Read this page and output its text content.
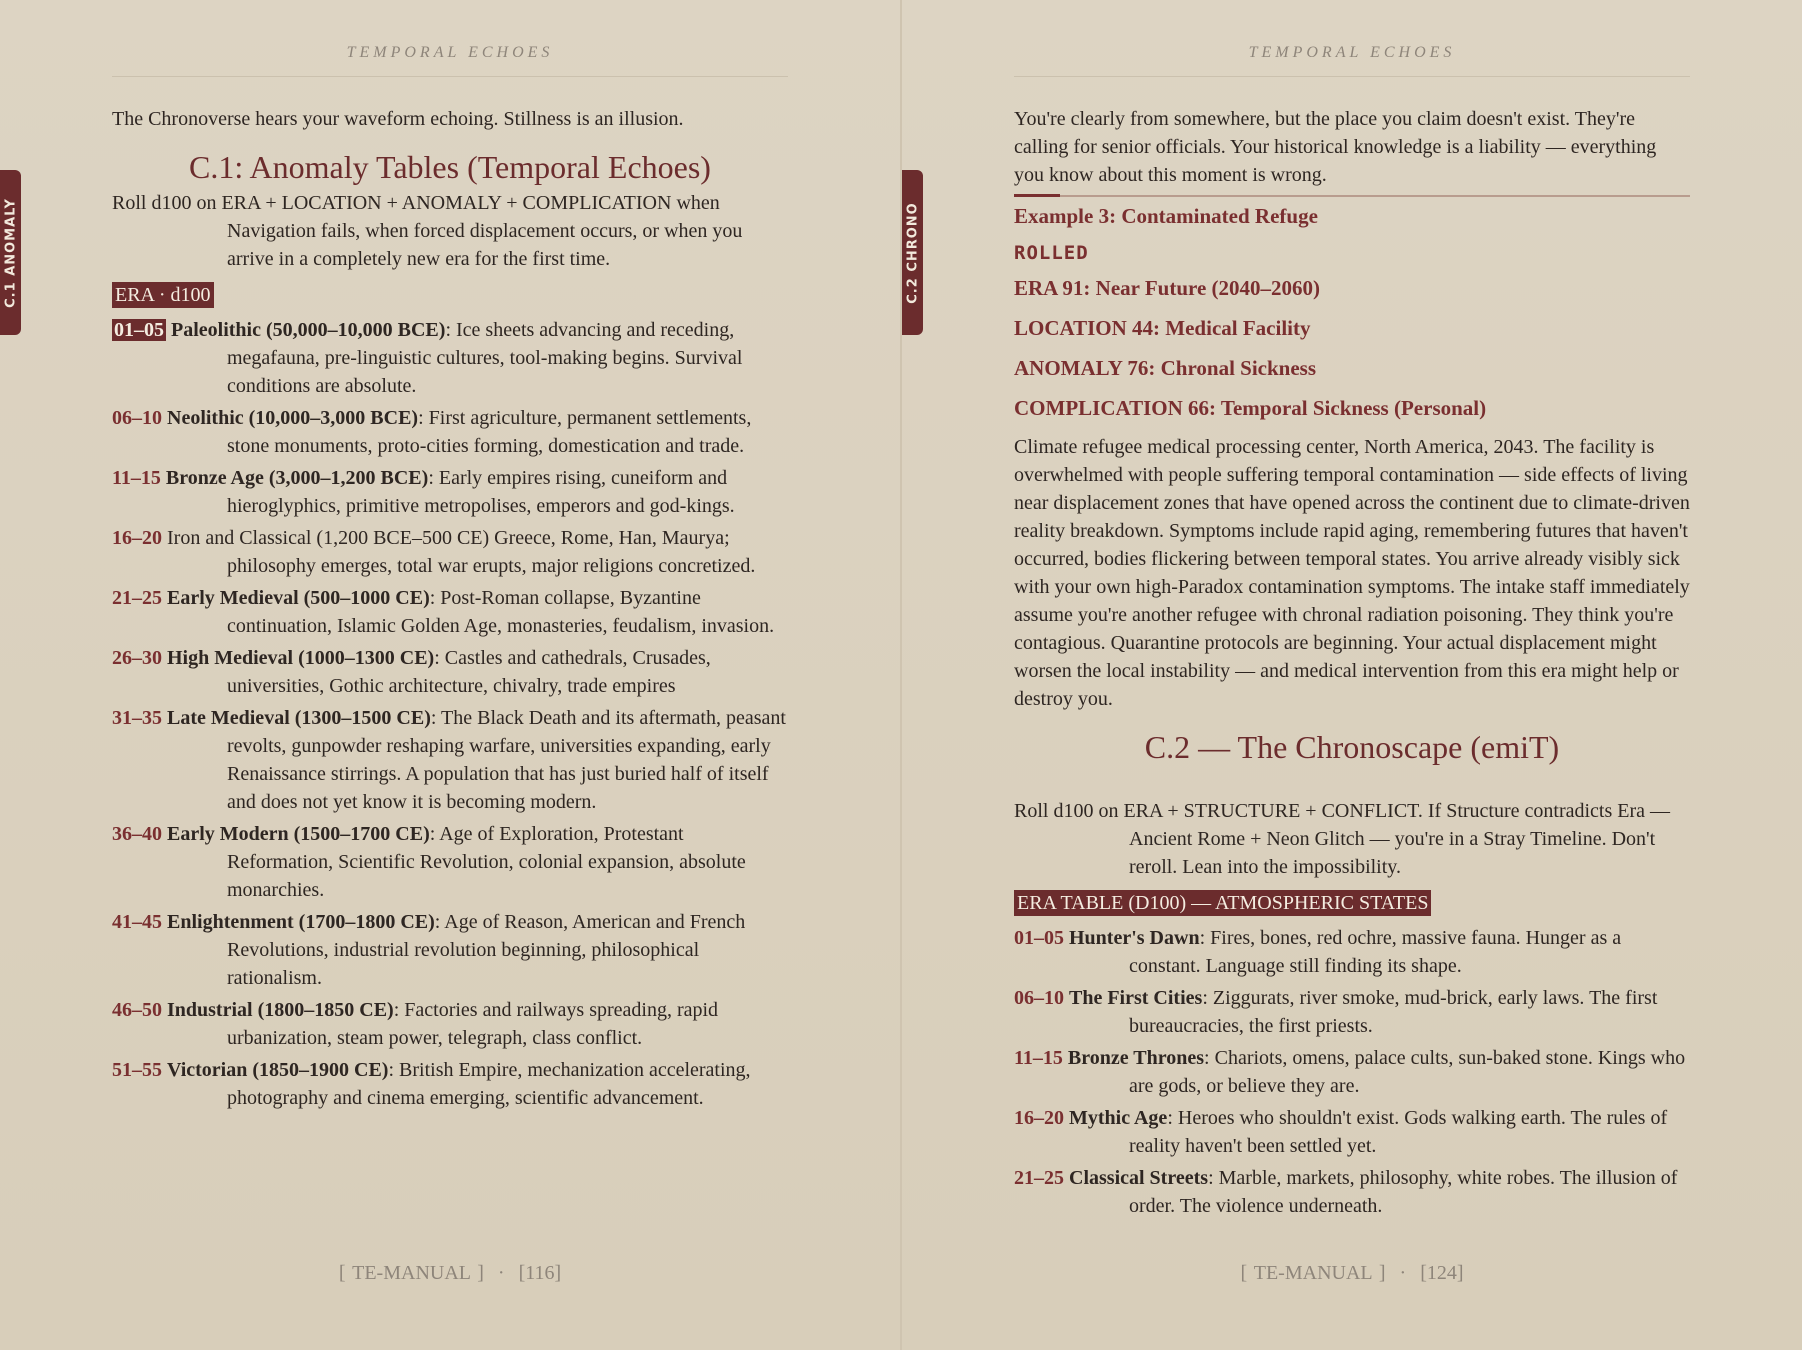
TEMPORAL ECHOES
C.1 ANOMALY

The Chronoverse hears your waveform echoing. Stillness is an illusion.

C.1: Anomaly Tables (Temporal Echoes)

Roll d100 on ERA + LOCATION + ANOMALY + COMPLICATION when Navigation fails, when forced displacement occurs, or when you arrive in a completely new era for the first time.

ERA · d100

01–05 Paleolithic (50,000–10,000 BCE): Ice sheets advancing and receding, megafauna, pre-linguistic cultures, tool-making begins. Survival conditions are absolute.

06–10 Neolithic (10,000–3,000 BCE): First agriculture, permanent settlements, stone monuments, proto-cities forming, domestication and trade.

11–15 Bronze Age (3,000–1,200 BCE): Early empires rising, cuneiform and hieroglyphics, primitive metropolises, emperors and god-kings.

16–20 Iron and Classical (1,200 BCE–500 CE) Greece, Rome, Han, Maurya; philosophy emerges, total war erupts, major religions concretized.

21–25 Early Medieval (500–1000 CE): Post-Roman collapse, Byzantine continuation, Islamic Golden Age, monasteries, feudalism, invasion.

26–30 High Medieval (1000–1300 CE): Castles and cathedrals, Crusades, universities, Gothic architecture, chivalry, trade empires

31–35 Late Medieval (1300–1500 CE): The Black Death and its aftermath, peasant revolts, gunpowder reshaping warfare, universities expanding, early Renaissance stirrings. A population that has just buried half of itself and does not yet know it is becoming modern.

36–40 Early Modern (1500–1700 CE): Age of Exploration, Protestant Reformation, Scientific Revolution, colonial expansion, absolute monarchies.

41–45 Enlightenment (1700–1800 CE): Age of Reason, American and French Revolutions, industrial revolution beginning, philosophical rationalism.

46–50 Industrial (1800–1850 CE): Factories and railways spreading, rapid urbanization, steam power, telegraph, class conflict.

51–55 Victorian (1850–1900 CE): British Empire, mechanization accelerating, photography and cinema emerging, scientific advancement.

[ TE-MANUAL ] · [116]
TEMPORAL ECHOES
C.2 CHRONO

You're clearly from somewhere, but the place you claim doesn't exist. They're calling for senior officials. Your historical knowledge is a liability — everything you know about this moment is wrong.

Example 3: Contaminated Refuge

ROLLED

ERA 91: Near Future (2040–2060)

LOCATION 44: Medical Facility

ANOMALY 76: Chronal Sickness

COMPLICATION 66: Temporal Sickness (Personal)

Climate refugee medical processing center, North America, 2043. The facility is overwhelmed with people suffering temporal contamination — side effects of living near displacement zones that have opened across the continent due to climate-driven reality breakdown. Symptoms include rapid aging, remembering futures that haven't occurred, bodies flickering between temporal states. You arrive already visibly sick with your own high-Paradox contamination symptoms. The intake staff immediately assume you're another refugee with chronal radiation poisoning. They think you're contagious. Quarantine protocols are beginning. Your actual displacement might worsen the local instability — and medical intervention from this era might help or destroy you.

C.2 — The Chronoscape (emiT)

Roll d100 on ERA + STRUCTURE + CONFLICT. If Structure contradicts Era — Ancient Rome + Neon Glitch — you're in a Stray Timeline. Don't reroll. Lean into the impossibility.

ERA TABLE (D100) — ATMOSPHERIC STATES

01–05 Hunter's Dawn: Fires, bones, red ochre, massive fauna. Hunger as a constant. Language still finding its shape.

06–10 The First Cities: Ziggurats, river smoke, mud-brick, early laws. The first bureaucracies, the first priests.

11–15 Bronze Thrones: Chariots, omens, palace cults, sun-baked stone. Kings who are gods, or believe they are.

16–20 Mythic Age: Heroes who shouldn't exist. Gods walking earth. The rules of reality haven't been settled yet.

21–25 Classical Streets: Marble, markets, philosophy, white robes. The illusion of order. The violence underneath.

[ TE-MANUAL ] · [124]
